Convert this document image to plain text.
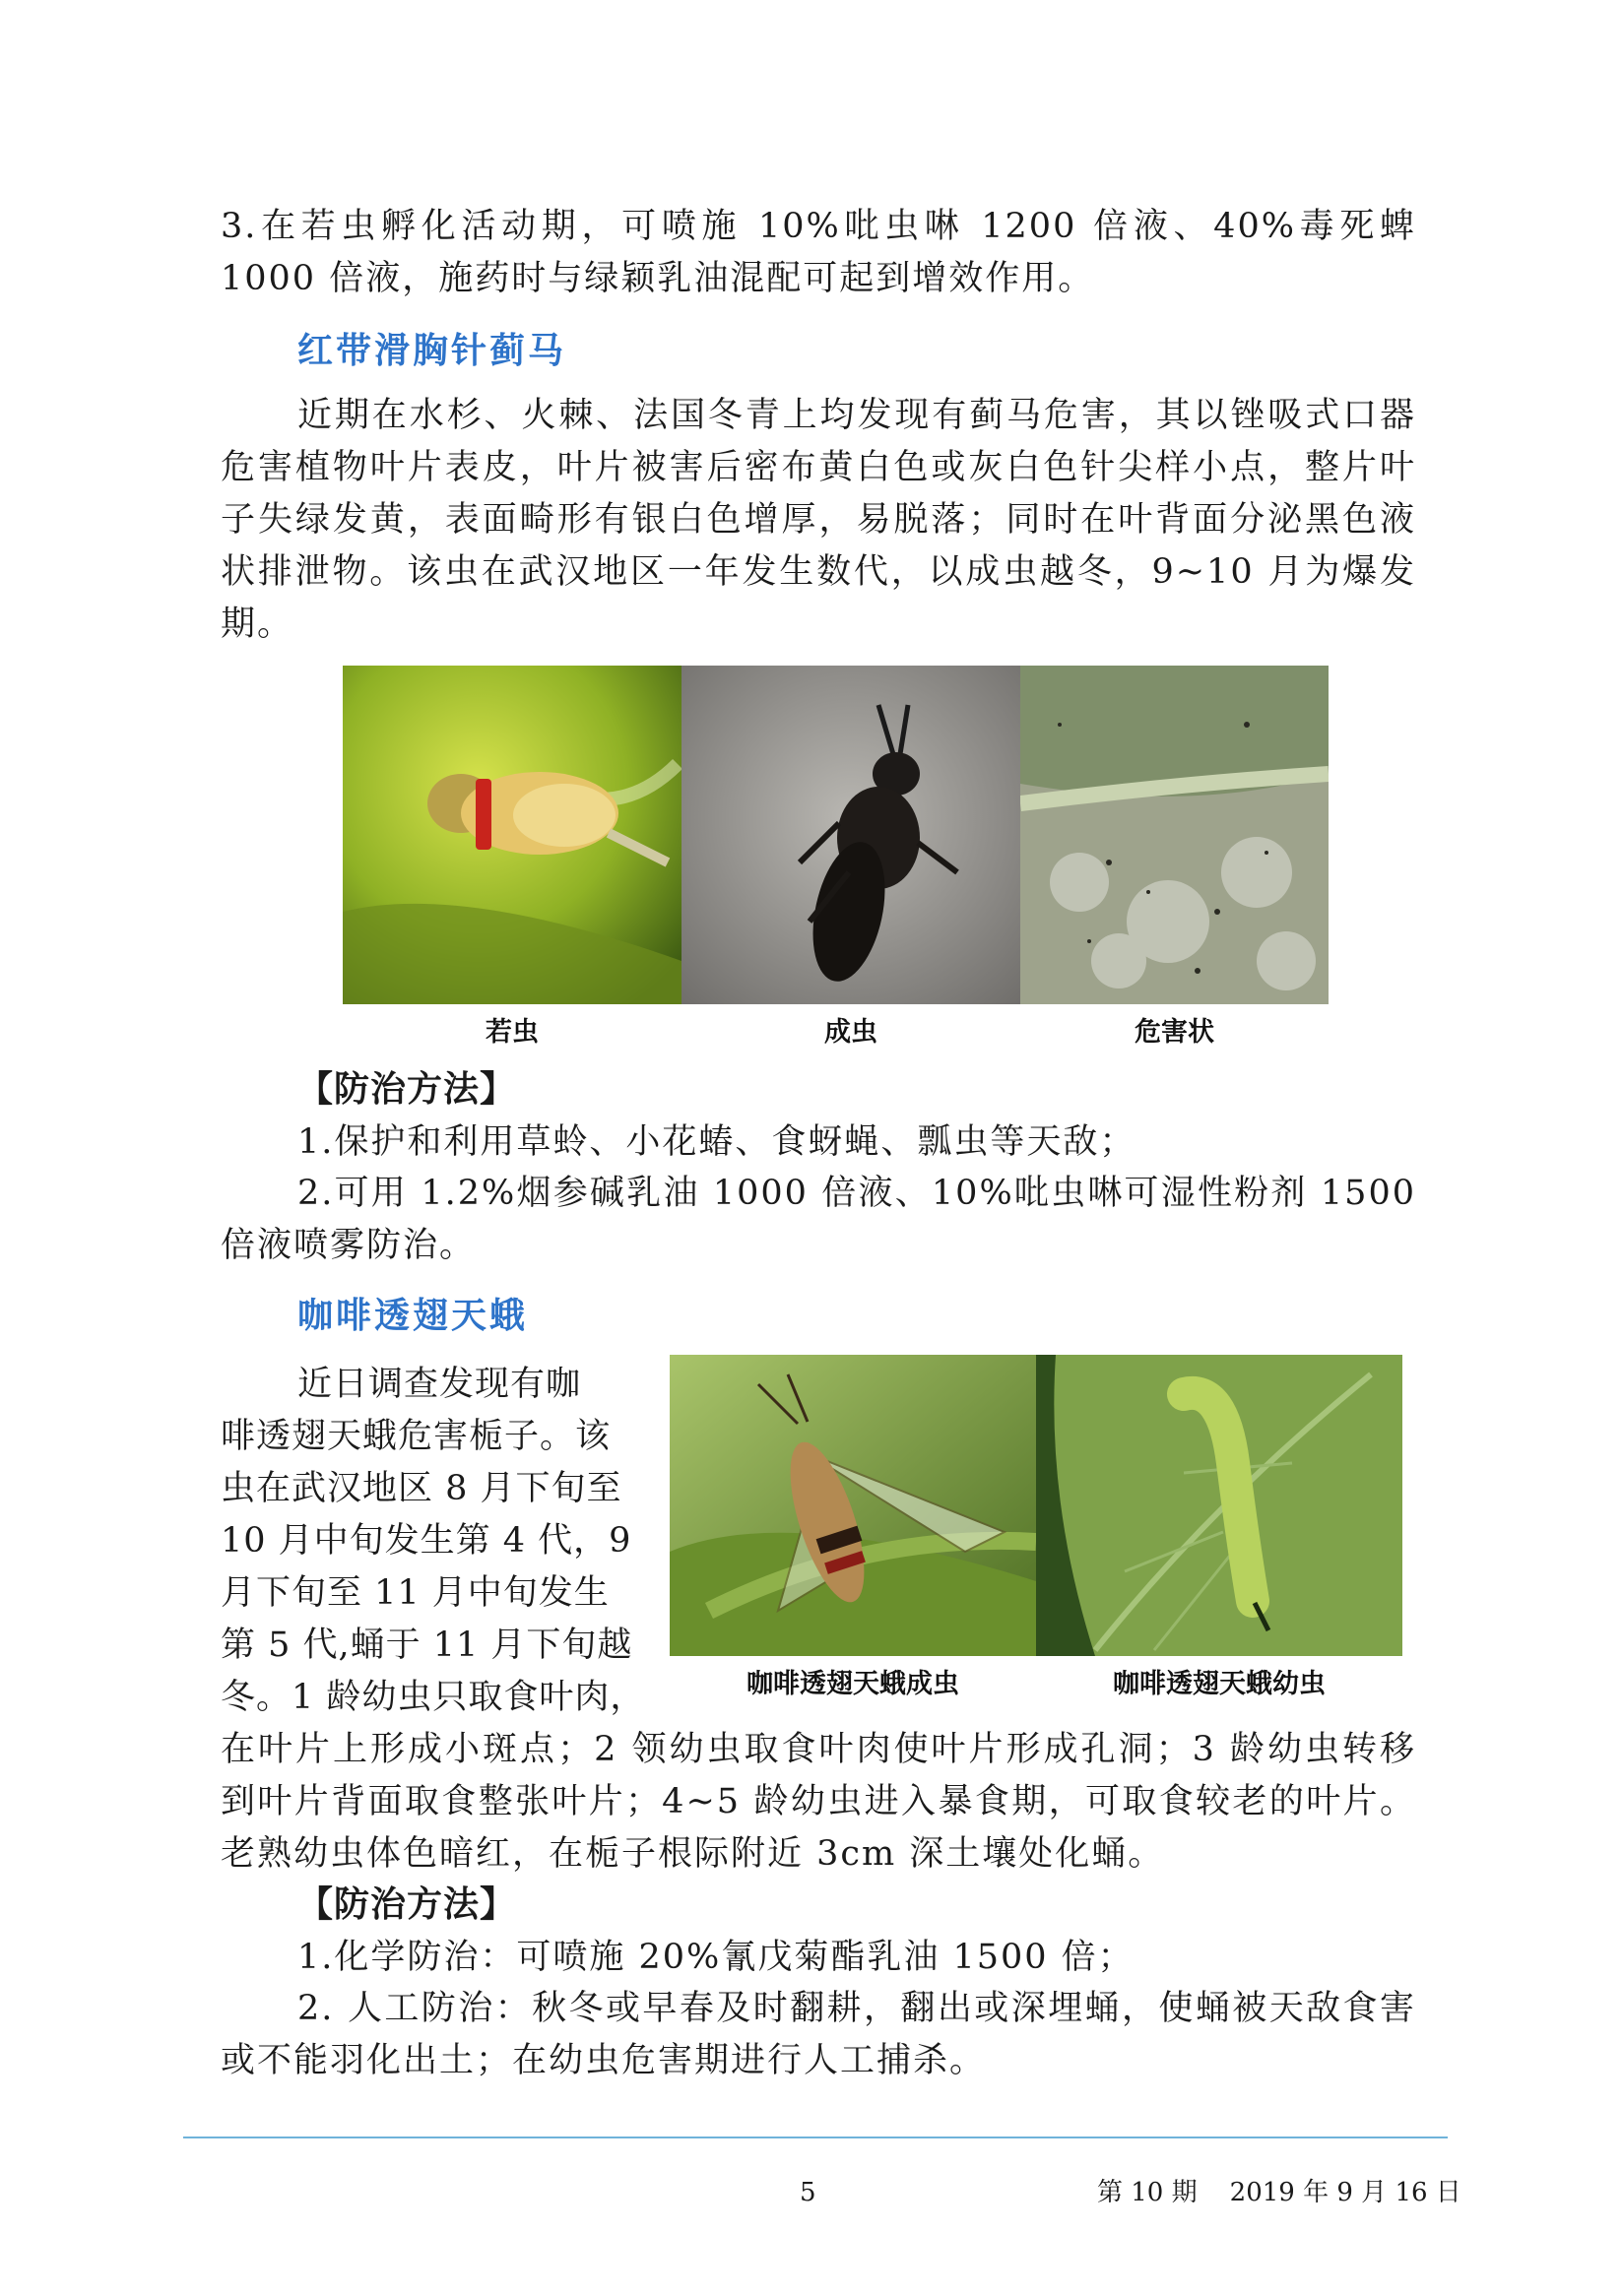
3.在若虫孵化活动期，可喷施 10%吡虫啉 1200 倍液、40%毒死蜱 1000 倍液，施药时与绿颖乳油混配可起到增效作用。

红带滑胸针蓟马

近期在水杉、火棘、法国冬青上均发现有蓟马危害，其以锉吸式口器危害植物叶片表皮，叶片被害后密布黄白色或灰白色针尖样小点，整片叶子失绿发黄，表面畸形有银白色增厚，易脱落；同时在叶背面分泌黑色液状排泄物。该虫在武汉地区一年发生数代，以成虫越冬，9~10 月为爆发期。

若虫	成虫	危害状
【防治方法】

1.保护和利用草蛉、小花蝽、食蚜蝇、瓢虫等天敌；

2.可用 1.2%烟参碱乳油 1000 倍液、10%吡虫啉可湿性粉剂 1500 倍液喷雾防治。

咖啡透翅天蛾
近日调查发现有咖
啡透翅天蛾危害栀子。该
虫在武汉地区 8 月下旬至
10 月中旬发生第 4 代，9
月下旬至 11 月中旬发生
第 5 代,蛹于 11 月下旬越
冬。1 龄幼虫只取食叶肉，	咖啡透翅天蛾成虫	咖啡透翅天蛾幼虫

在叶片上形成小斑点；2 领幼虫取食叶肉使叶片形成孔洞；3 龄幼虫转移到叶片背面取食整张叶片；4~5 龄幼虫进入暴食期，可取食较老的叶片。老熟幼虫体色暗红，在栀子根际附近 3cm 深土壤处化蛹。

【防治方法】

1.化学防治：可喷施 20%氰戊菊酯乳油 1500 倍；

2. 人工防治：秋冬或早春及时翻耕，翻出或深埋蛹，使蛹被天敌食害或不能羽化出土；在幼虫危害期进行人工捕杀。

5	第 10 期    2019 年 9 月 16 日
